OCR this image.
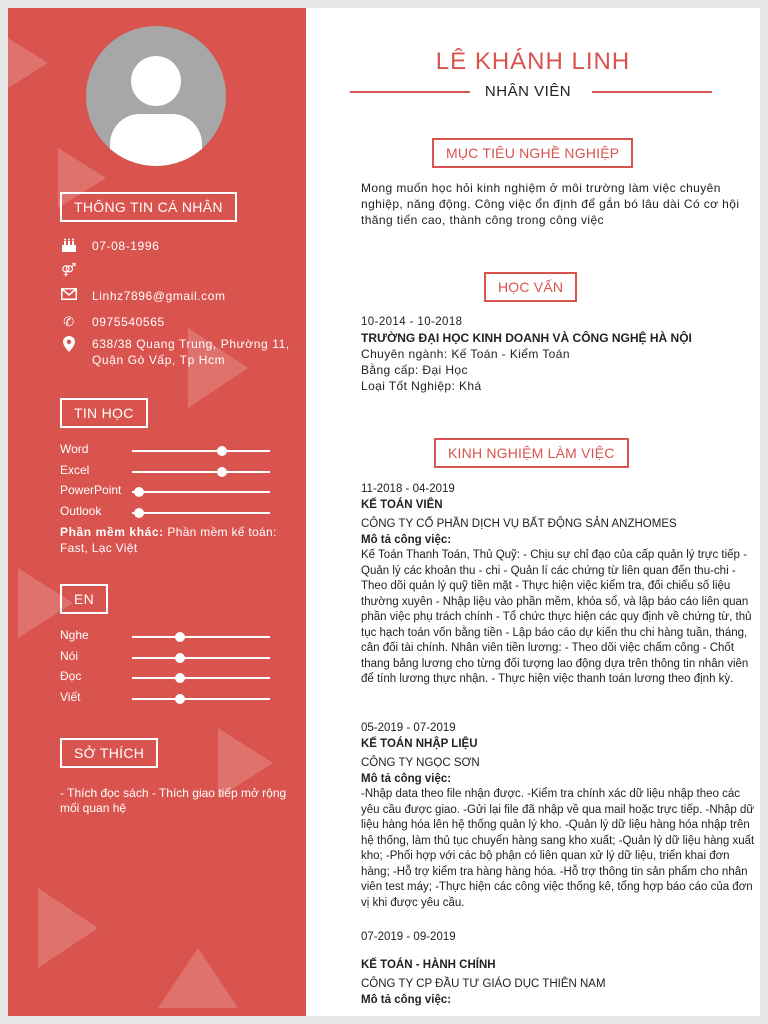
THÔNG TIN CÁ NHÂN
07-08-1996
⚤
Linhz7896@gmail.com
✆ 0975540565
638/38 Quang Trung, Phường 11, Quận Gò Vấp, Tp Hcm
TIN HỌC
Word
Excel
PowerPoint
Outlook
Phần mềm khác: Phần mềm kế toán: Fast, Lạc Việt
EN
Nghe
Nói
Đọc
Viết
SỞ THÍCH
- Thích đọc sách - Thích giao tiếp mở rộng mối quan hệ
LÊ KHÁNH LINH
NHÂN VIÊN
MỤC TIÊU NGHỀ NGHIỆP
Mong muốn học hỏi kinh nghiệm ở môi trường làm việc chuyên nghiệp, năng động. Công việc ổn định để gắn bó lâu dài Có cơ hội thăng tiến cao, thành công trong công việc
HỌC VẤN
10-2014 - 10-2018
TRƯỜNG ĐẠI HỌC KINH DOANH VÀ CÔNG NGHỆ HÀ NỘI
Chuyên ngành: Kế Toán - Kiểm Toán
Bằng cấp: Đại Học
Loại Tốt Nghiệp: Khá
KINH NGHIỆM LÀM VIỆC
11-2018 - 04-2019
KẾ TOÁN VIÊN
CÔNG TY CỔ PHẦN DỊCH VỤ BẤT ĐỘNG SẢN ANZHOMES
Mô tả công việc:
Kế Toán Thanh Toán, Thủ Quỹ: - Chịu sự chỉ đạo của cấp quản lý trực tiếp - Quản lý các khoản thu - chi - Quản lí các chứng từ liên quan đến thu-chi - Theo dõi quản lý quỹ tiền mặt - Thực hiện việc kiểm tra, đối chiếu số liệu thường xuyên - Nhập liệu vào phần mềm, khóa sổ, và lập báo cáo liên quan phần việc phụ trách chính - Tổ chức thực hiện các quy định về chứng từ, thủ tục hạch toán vốn bằng tiền - Lập báo cáo dự kiến thu chi hàng tuần, tháng, cân đối tài chính. Nhân viên tiền lương: - Theo dõi việc chấm công - Chốt thang bảng lương cho từng đối tượng lao động dựa trên thông tin nhân viên để tính lương thực nhận. - Thực hiện việc thanh toán lương theo định kỳ.
05-2019 - 07-2019
KẾ TOÁN NHẬP LIỆU
CÔNG TY NGỌC SƠN
Mô tả công việc:
-Nhập data theo file nhận được. -Kiểm tra chính xác dữ liệu nhập theo các yêu cầu được giao. -Gửi lại file đã nhập về qua mail hoặc trực tiếp. -Nhập dữ liệu hàng hóa lên hệ thống quản lý kho. -Quản lý dữ liệu hàng hóa nhập trên hệ thống, làm thủ tục chuyển hàng sang kho xuất; -Quản lý dữ liệu hàng xuất kho; -Phối hợp với các bộ phận có liên quan xử lý dữ liệu, triển khai đơn hàng; -Hỗ trợ kiểm tra hàng hàng hóa. -Hỗ trợ thông tin sản phẩm cho nhân viên test máy; -Thực hiện các công việc thống kê, tổng hợp báo cáo của đơn vị khi được yêu cầu.
07-2019 - 09-2019
KẾ TOÁN - HÀNH CHÍNH
CÔNG TY CP ĐẦU TƯ GIÁO DỤC THIÊN NAM
Mô tả công việc:
